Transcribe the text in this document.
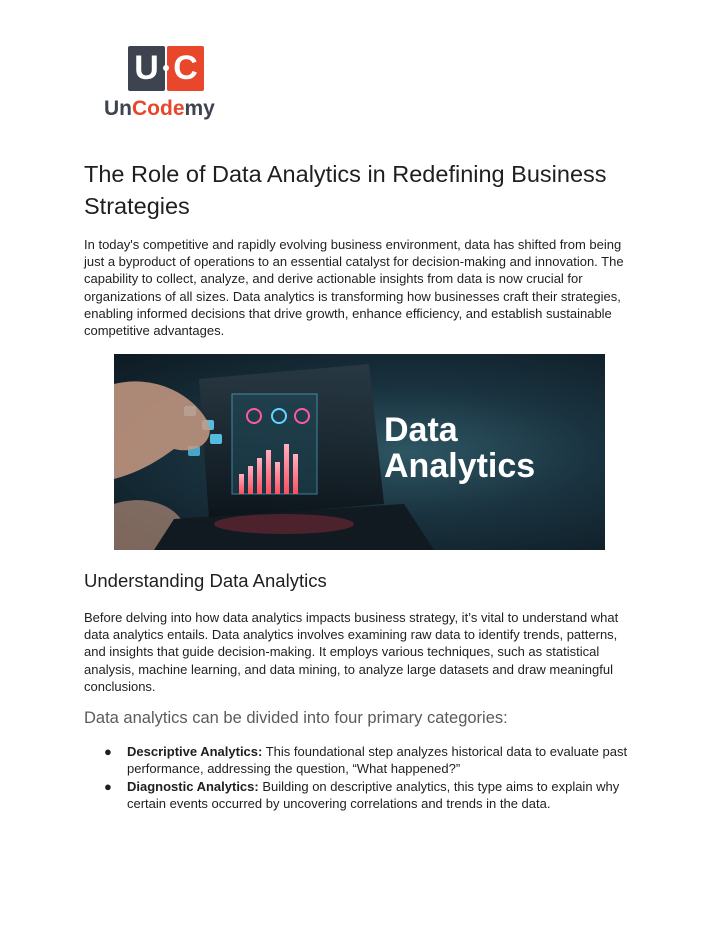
U C
UnCodemy
The Role of Data Analytics in Redefining Business Strategies

In today's competitive and rapidly evolving business environment, data has shifted from being just a byproduct of operations to an essential catalyst for decision-making and innovation. The capability to collect, analyze, and derive actionable insights from data is now crucial for organizations of all sizes. Data analytics is transforming how businesses craft their strategies, enabling informed decisions that drive growth, enhance efficiency, and establish sustainable competitive advantages.

Data
Analytics
Understanding Data Analytics

Before delving into how data analytics impacts business strategy, it’s vital to understand what data analytics entails. Data analytics involves examining raw data to identify trends, patterns, and insights that guide decision-making. It employs various techniques, such as statistical analysis, machine learning, and data mining, to analyze large datasets and draw meaningful conclusions.

Data analytics can be divided into four primary categories:
● Descriptive Analytics: This foundational step analyzes historical data to evaluate past performance, addressing the question, “What happened?”
● Diagnostic Analytics: Building on descriptive analytics, this type aims to explain why certain events occurred by uncovering correlations and trends in the data.
